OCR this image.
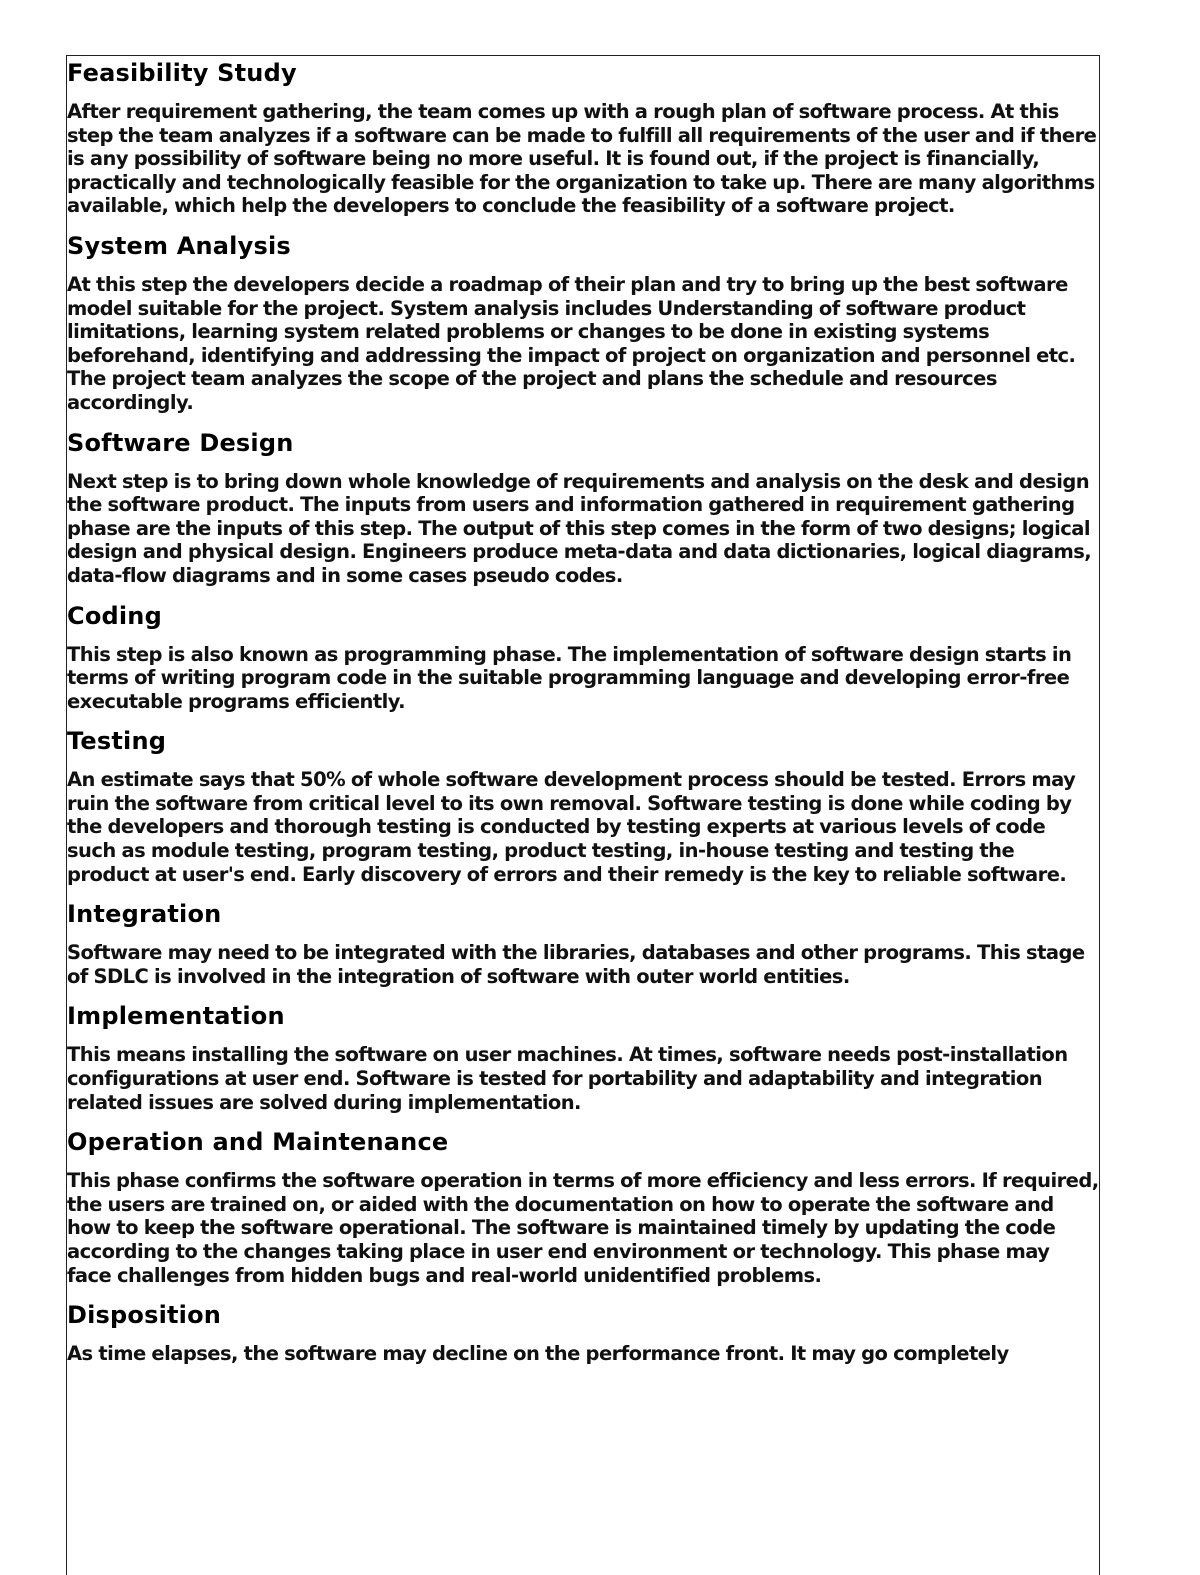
Feasibility Study

After requirement gathering, the team comes up with a rough plan of software process. At this step the team analyzes if a software can be made to fulfill all requirements of the user and if there is any possibility of software being no more useful. It is found out, if the project is financially, practically and technologically feasible for the organization to take up. There are many algorithms available, which help the developers to conclude the feasibility of a software project.

System Analysis

At this step the developers decide a roadmap of their plan and try to bring up the best software model suitable for the project. System analysis includes Understanding of software product limitations, learning system related problems or changes to be done in existing systems beforehand, identifying and addressing the impact of project on organization and personnel etc. The project team analyzes the scope of the project and plans the schedule and resources accordingly.

Software Design

Next step is to bring down whole knowledge of requirements and analysis on the desk and design the software product. The inputs from users and information gathered in requirement gathering phase are the inputs of this step. The output of this step comes in the form of two designs; logical design and physical design. Engineers produce meta-data and data dictionaries, logical diagrams, data-flow diagrams and in some cases pseudo codes.

Coding

This step is also known as programming phase. The implementation of software design starts in terms of writing program code in the suitable programming language and developing error-free executable programs efficiently.

Testing

An estimate says that 50% of whole software development process should be tested. Errors may ruin the software from critical level to its own removal. Software testing is done while coding by the developers and thorough testing is conducted by testing experts at various levels of code such as module testing, program testing, product testing, in-house testing and testing the product at user's end. Early discovery of errors and their remedy is the key to reliable software.

Integration

Software may need to be integrated with the libraries, databases and other programs. This stage of SDLC is involved in the integration of software with outer world entities.

Implementation

This means installing the software on user machines. At times, software needs post-installation configurations at user end. Software is tested for portability and adaptability and integration related issues are solved during implementation.

Operation and Maintenance

This phase confirms the software operation in terms of more efficiency and less errors. If required, the users are trained on, or aided with the documentation on how to operate the software and how to keep the software operational. The software is maintained timely by updating the code according to the changes taking place in user end environment or technology. This phase may face challenges from hidden bugs and real-world unidentified problems.

Disposition

As time elapses, the software may decline on the performance front. It may go completely
